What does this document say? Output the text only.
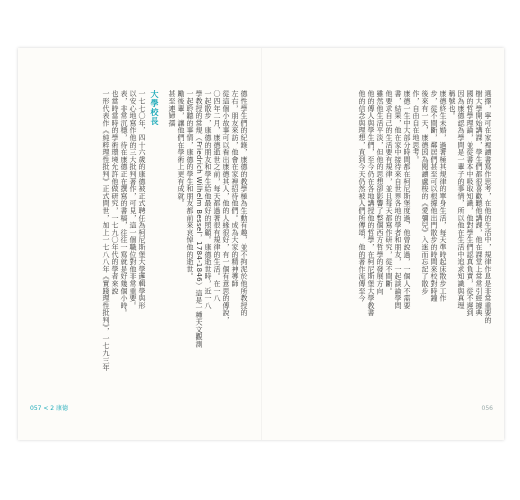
德性學生們的紀錄，康德的教學極為生動有趣，並不拘泥於他所教授的
左右，朋友來訪，他會在家裡招待他們。成為大家的精神導師
從這個小故事可以看出康德其人，他的人緣很好，有一個有意思的傳說，
〇四年二月，康德逝世之前，每天都過著很有規律的生活。在一八
一起散步，康德的朋友和學生給他最好的照顧。康德逝世時，近一八
學教授的常規（Friedrich Wilhelm Bessel，1784-1846）這是一種天文觀測
一起聆聽的事情，康德的學生和朋友都前來哀悼他的逝世。
勵後輩，讓他們在學術上更有成就。
甚至連婦孺
大學校長
一七七〇年，四十六歲的康德被正式聘任為柯尼斯堡大學邏輯學與形
以安心地寫作他的三大批判著作，可見，這一個職位對他非常重要。
表，非常沉穩，待在康德正在撰寫的書稿，往往一寫就是好幾個小時。
也當時當時的學術環境允許他做研究，一七九〇年代的學者來說
一形代表作《純粹理性批判》正式問世，加上一七八八年《實踐理性批判》，一七九三年
057 < 2 康德
選擇，寧可在家裡讀書寫作思考，在他的生活中，規律作息是非常重要的
樹大學開始講課，學生們都很喜歡聽他講課，他在課堂上常常引經據典
國的哲學理論，並從書本中吸取知識，他對學生們認真負責，從不遲到
因為康德認為學問是一輩子的事情，所以他在生活中追求知識與真理
稱號也。
康德終生未婚，過著極其規律的單身生活，每天準時起床散步工作
步，從不間斷，鄰居們甚至可以根據他出門散步的時間來校對時鐘
後來有一天，康德因為閱讀盧梭的《愛彌兒》入迷而忘記了散步
作，自由自在地思考。
康德一生中大部分時間都在柯尼斯堡度過，他曾說過，一個人不需要
書，結果，他在家中接待來自世界各地的學者和朋友，一起談論學問
他要求自己的生活要有規律，並且每天都寫作研究，從不間斷。
雖然他生活平淡，但他的思想卻影響了整個西方哲學的發展方向
他的傳人與學生們，至今仍在各地講授他的哲學，在柯尼斯堡大學教書
他的信念與理想，直到今天仍然被人們所傳頌，他的著作流傳至今
056
